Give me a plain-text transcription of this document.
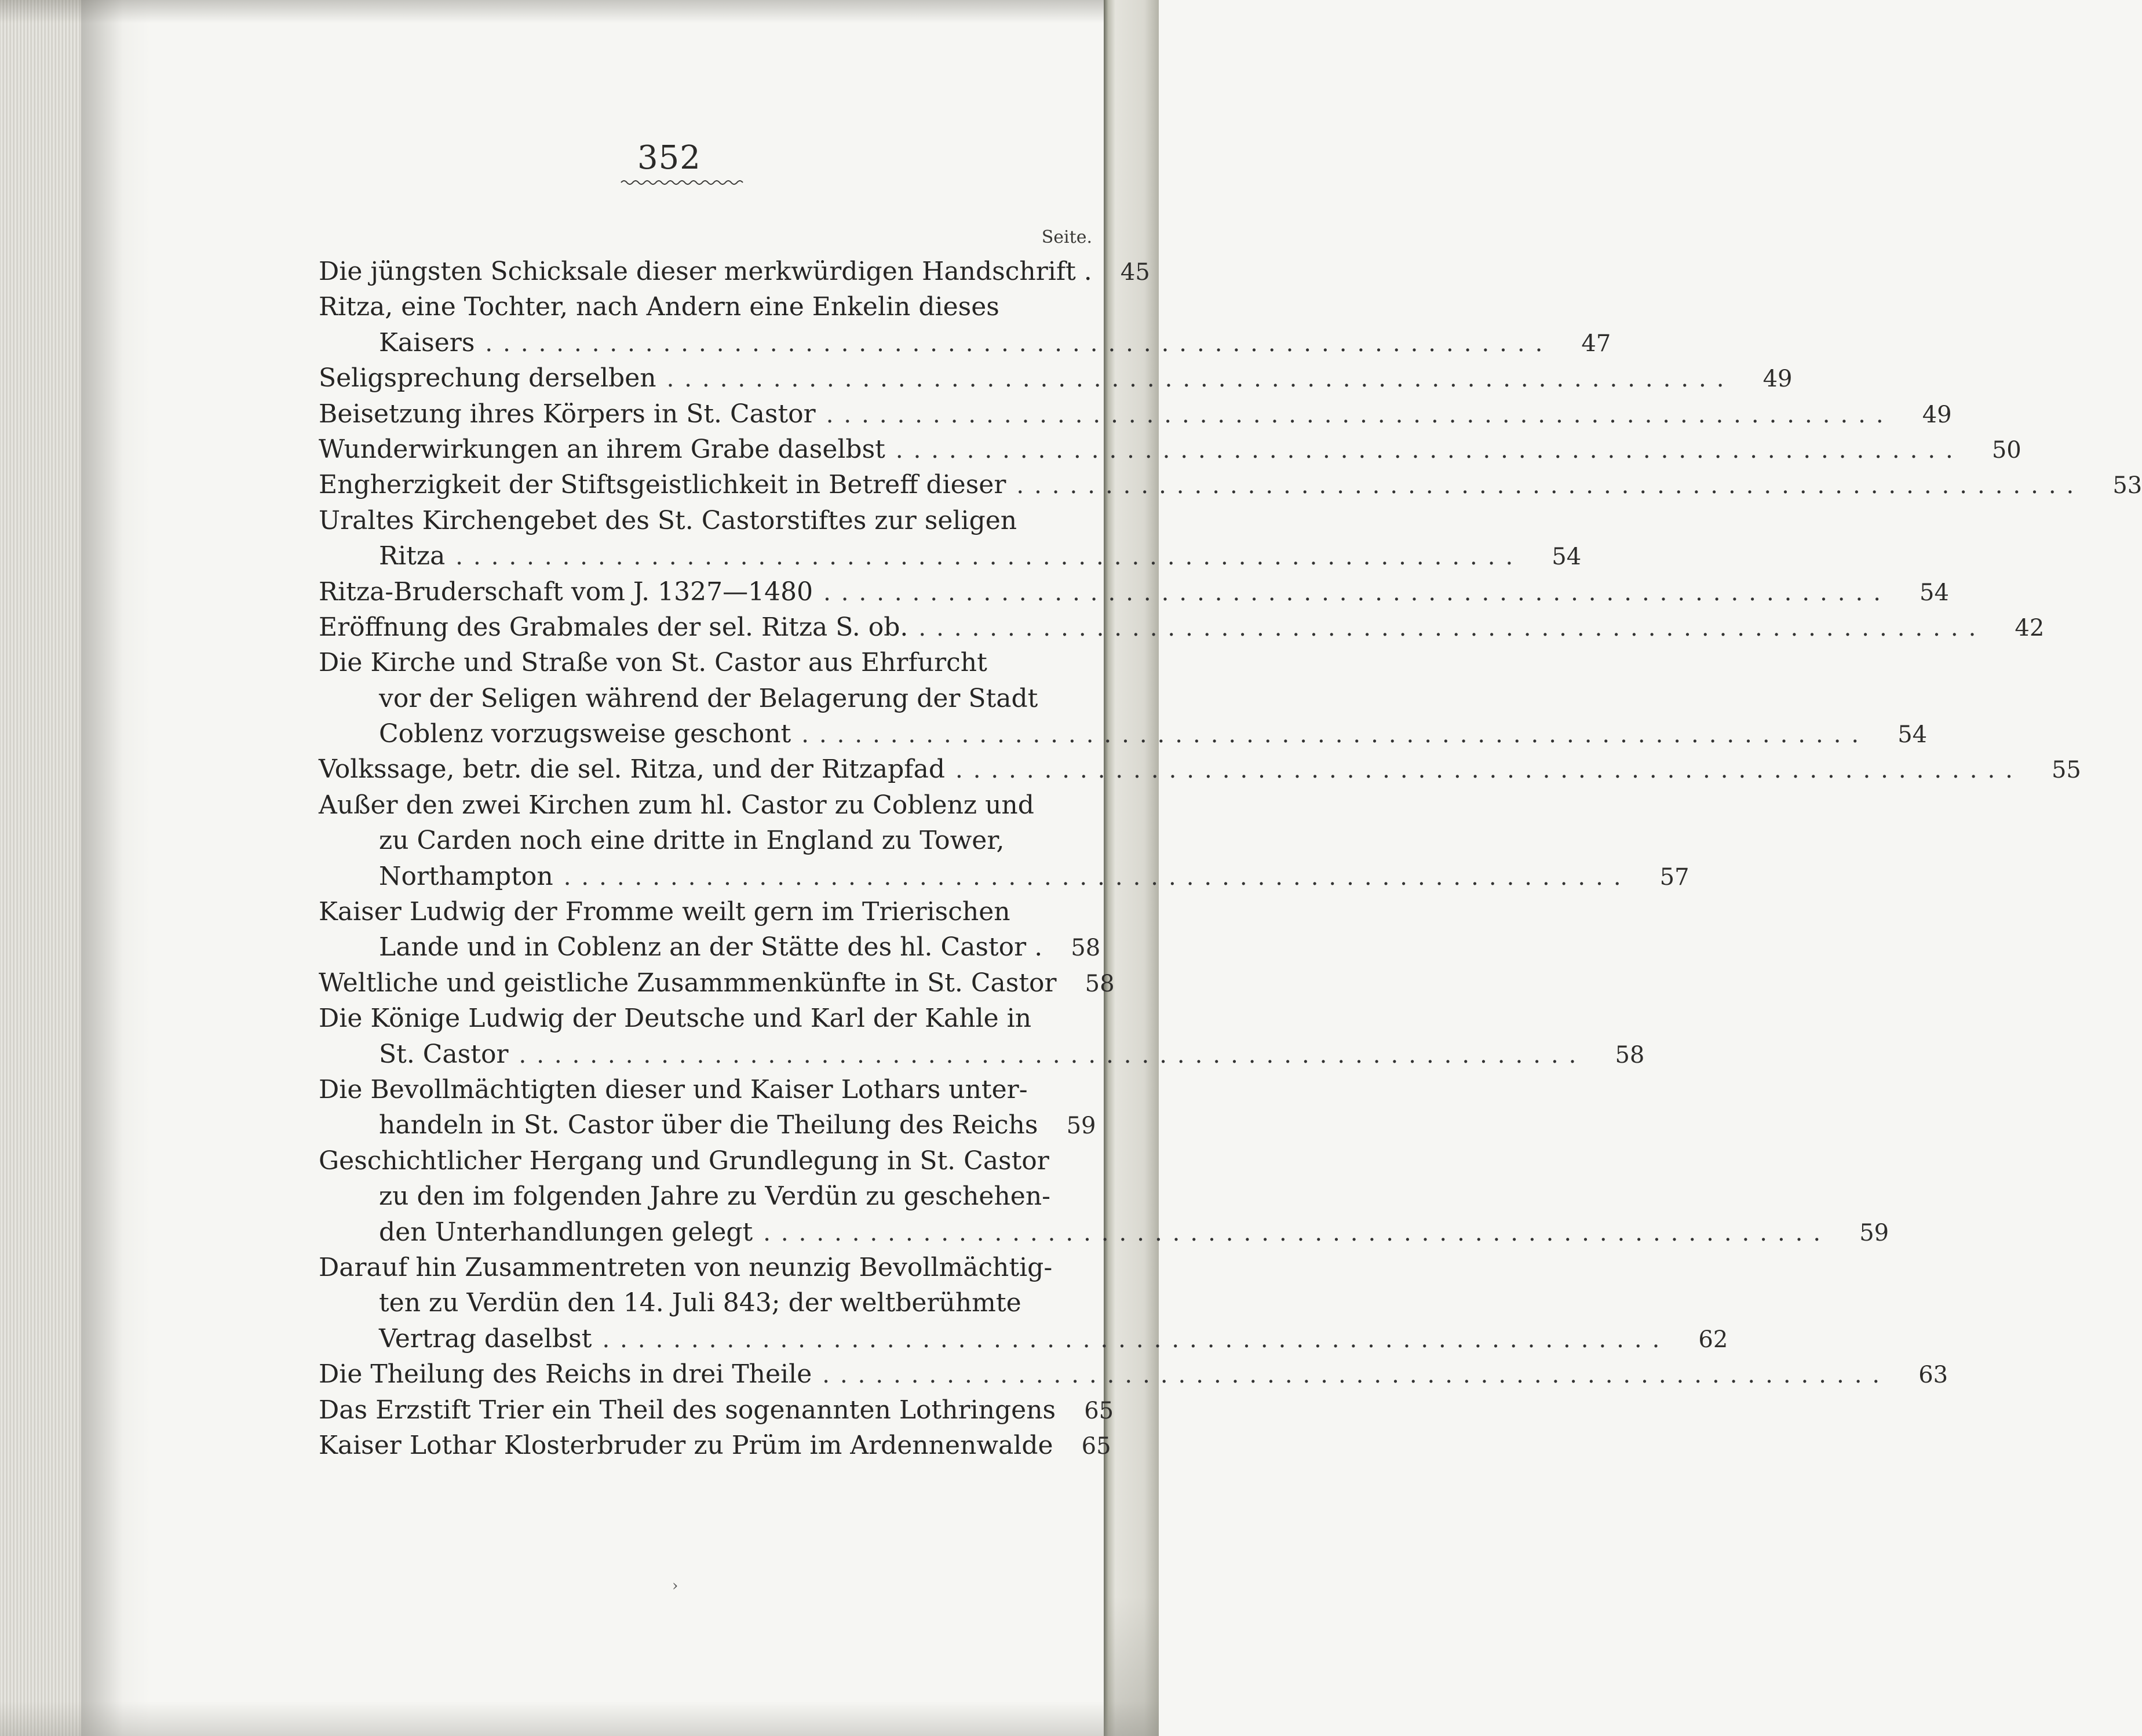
352
Seite.
Die jüngsten Schicksale dieser merkwürdigen Handschrift .	45
Ritza, eine Tochter, nach Andern eine Enkelin dieses
Kaisers ............................................................	47
Seligsprechung derselben ............................................................	49
Beisetzung ihres Körpers in St. Castor ............................................................	49
Wunderwirkungen an ihrem Grabe daselbst ............................................................	50
Engherzigkeit der Stiftsgeistlichkeit in Betreff dieser ............................................................	53
Uraltes Kirchengebet des St. Castorstiftes zur seligen
Ritza ............................................................	54
Ritza-Bruderschaft vom J. 1327—1480 ............................................................	54
Eröffnung des Grabmales der sel. Ritza S. ob. ............................................................	42
Die Kirche und Straße von St. Castor aus Ehrfurcht
vor der Seligen während der Belagerung der Stadt
Coblenz vorzugsweise geschont ............................................................	54
Volkssage, betr. die sel. Ritza, und der Ritzapfad ............................................................	55
Außer den zwei Kirchen zum hl. Castor zu Coblenz und
zu Carden noch eine dritte in England zu Tower,
Northampton ............................................................	57
Kaiser Ludwig der Fromme weilt gern im Trierischen
Lande und in Coblenz an der Stätte des hl. Castor .	58
Weltliche und geistliche Zusammmenkünfte in St. Castor	58
Die Könige Ludwig der Deutsche und Karl der Kahle in
St. Castor ............................................................	58
Die Bevollmächtigten dieser und Kaiser Lothars unter-
handeln in St. Castor über die Theilung des Reichs	59
Geschichtlicher Hergang und Grundlegung in St. Castor
zu den im folgenden Jahre zu Verdün zu geschehen-
den Unterhandlungen gelegt ............................................................	59
Darauf hin Zusammentreten von neunzig Bevollmächtig-
ten zu Verdün den 14. Juli 843; der weltberühmte
Vertrag daselbst ............................................................	62
Die Theilung des Reichs in drei Theile ............................................................	63
Das Erzstift Trier ein Theil des sogenannten Lothringens	65
Kaiser Lothar Klosterbruder zu Prüm im Ardennenwalde	65
›
